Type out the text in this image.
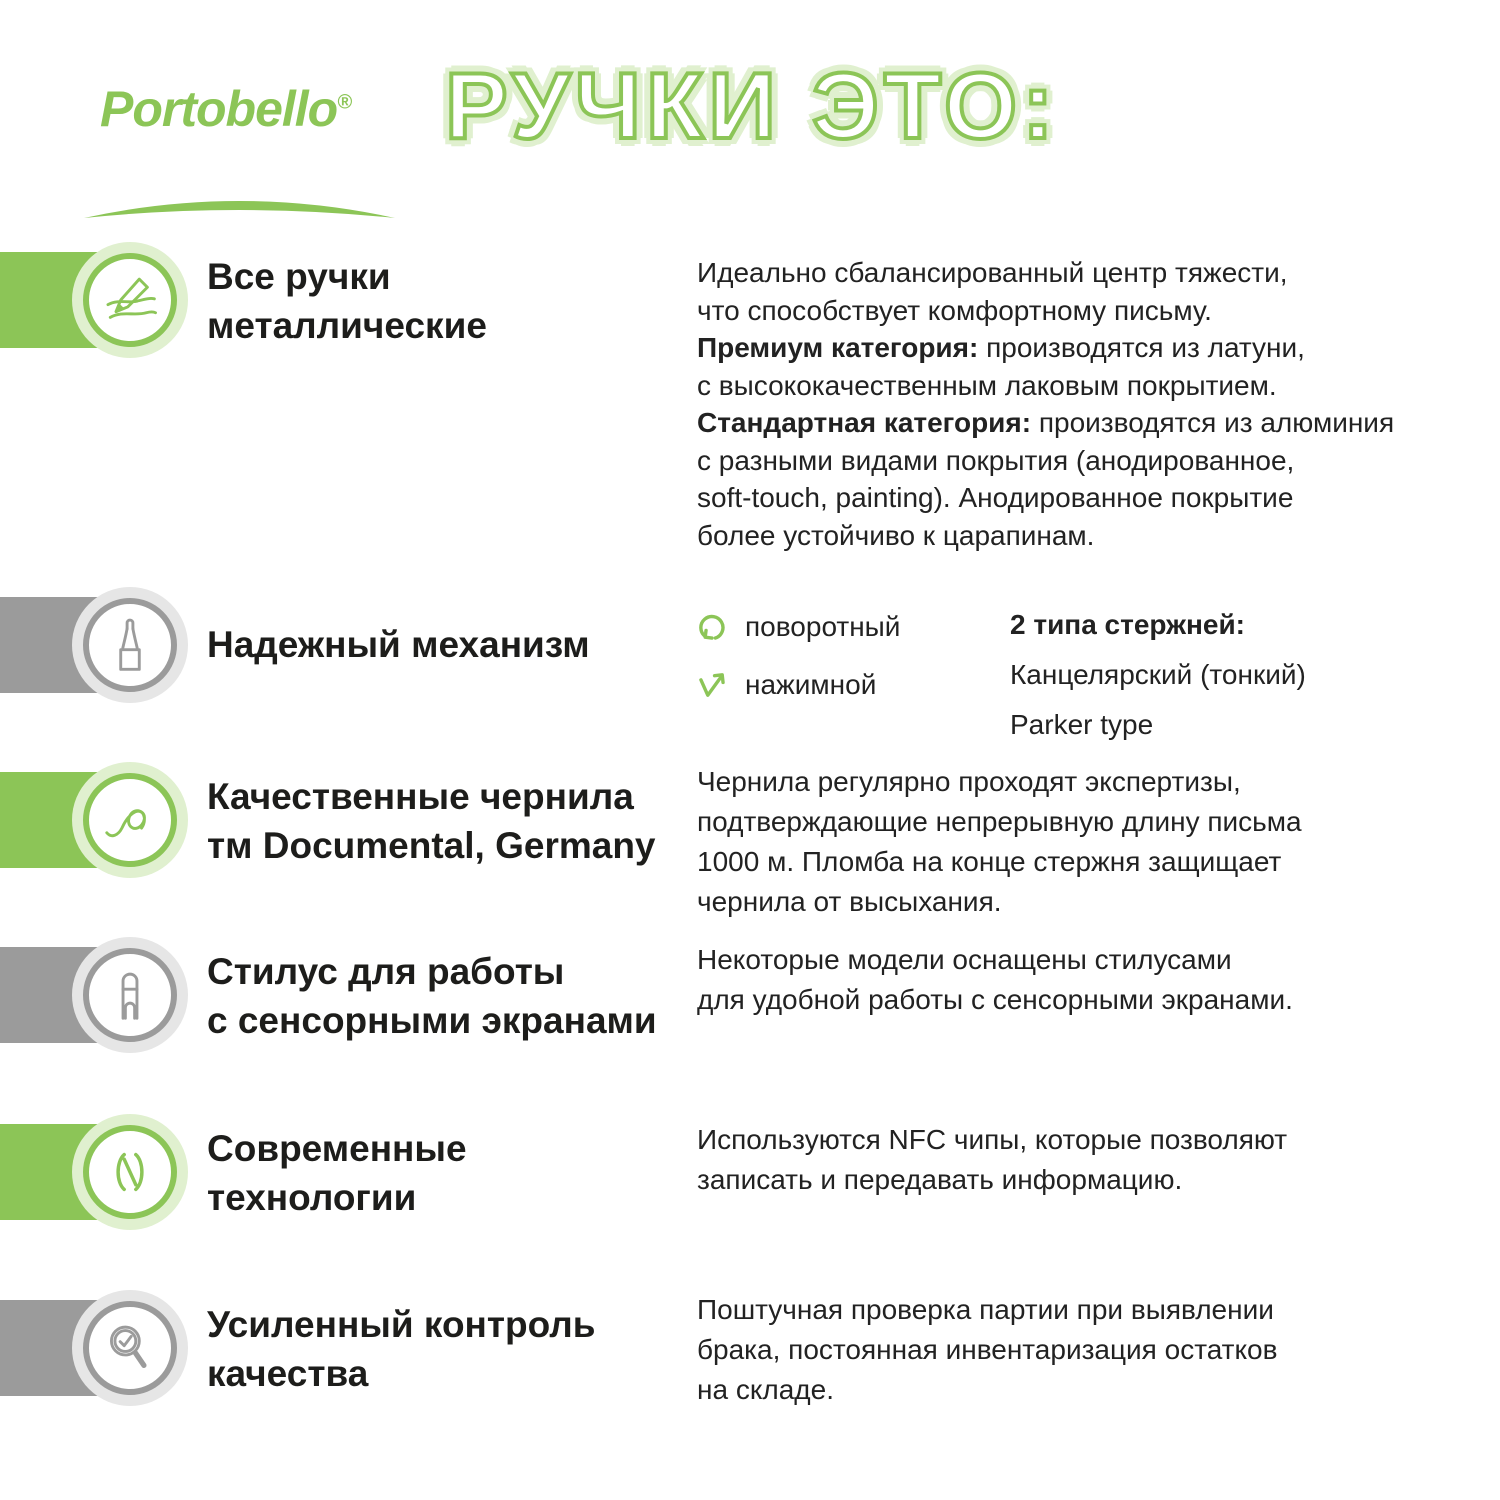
Portobello® РУЧКИ ЭТО:
Все ручки
металлические
Идеально сбалансированный центр тяжести,
что способствует комфортному письму.
Премиум категория: производятся из латуни,
с высококачественным лаковым покрытием.
Стандартная категория: производятся из алюминия
с разными видами покрытия (анодированное,
soft-touch, painting). Анодированное покрытие
более устойчиво к царапинам.
Надежный механизм	поворотный
нажимной
2 типа стержней:
Канцелярский (тонкий)
Parker type
Качественные чернила
тм Documental, Germany
Чернила регулярно проходят экспертизы,
подтверждающие непрерывную длину письма
1000 м. Пломба на конце стержня защищает
чернила от высыхания.
Стилус для работы
с сенсорными экранами
Некоторые модели оснащены стилусами
для удобной работы с сенсорными экранами.
Современные
технологии
Используются NFC чипы, которые позволяют
записать и передавать информацию.
Усиленный контроль
качества
Поштучная проверка партии при выявлении
брака, постоянная инвентаризация остатков
на складе.
